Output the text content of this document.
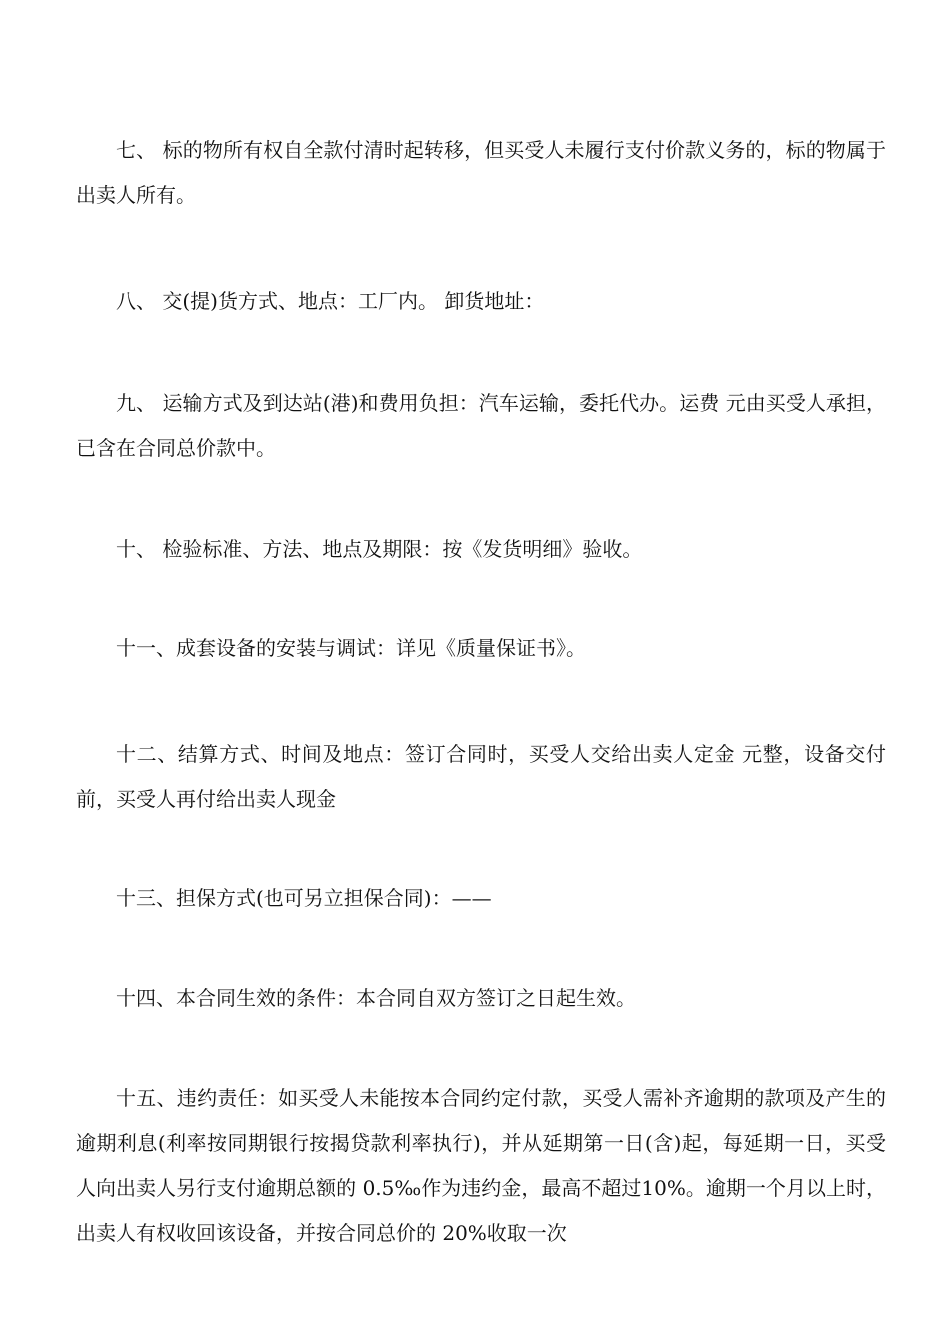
七、 标的物所有权自全款付清时起转移，但买受人未履行支付价款义务的，标的物属于出卖人所有。

八、 交(提)货方式、地点：工厂内。 卸货地址：

九、 运输方式及到达站(港)和费用负担：汽车运输，委托代办。运费 元由买受人承担，已含在合同总价款中。

十、 检验标准、方法、地点及期限：按《发货明细》验收。

十一、成套设备的安装与调试：详见《质量保证书》。

十二、结算方式、时间及地点：签订合同时，买受人交给出卖人定金 元整，设备交付前，买受人再付给出卖人现金

十三、担保方式(也可另立担保合同)：——

十四、本合同生效的条件：本合同自双方签订之日起生效。

十五、违约责任：如买受人未能按本合同约定付款，买受人需补齐逾期的款项及产生的逾期利息(利率按同期银行按揭贷款利率执行)，并从延期第一日(含)起，每延期一日，买受人向出卖人另行支付逾期总额的 0.5‰作为违约金，最高不超过10%。逾期一个月以上时，出卖人有权收回该设备，并按合同总价的 20%收取一次
